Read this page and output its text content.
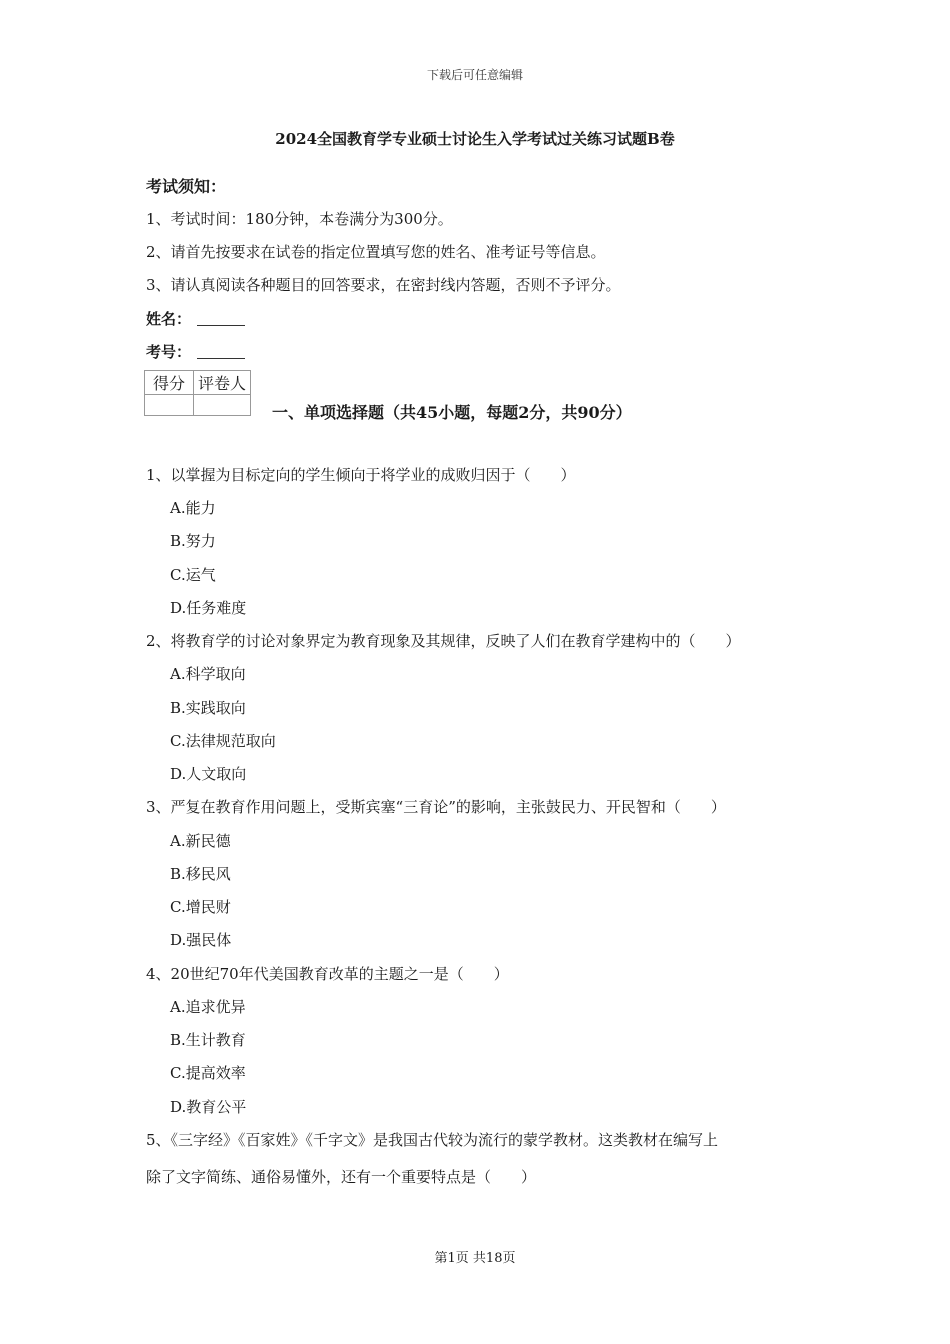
下载后可任意编辑
2024全国教育学专业硕士讨论生入学考试过关练习试题B卷
考试须知：
1、考试时间：180分钟，本卷满分为300分。
2、请首先按要求在试卷的指定位置填写您的姓名、准考证号等信息。
3、请认真阅读各种题目的回答要求，在密封线内答题，否则不予评分。
姓名：
考号：
得分	评卷人

一、单项选择题（共45小题，每题2分，共90分）
1、以掌握为目标定向的学生倾向于将学业的成败归因于（　　）
A.能力
B.努力
C.运气
D.任务难度
2、将教育学的讨论对象界定为教育现象及其规律，反映了人们在教育学建构中的（　　）
A.科学取向
B.实践取向
C.法律规范取向
D.人文取向
3、严复在教育作用问题上，受斯宾塞“三育论”的影响，主张鼓民力、开民智和（　　）
A.新民德
B.移民风
C.增民财
D.强民体
4、20世纪70年代美国教育改革的主题之一是（　　）
A.追求优异
B.生计教育
C.提高效率
D.教育公平
5、《三字经》《百家姓》《千字文》是我国古代较为流行的蒙学教材。这类教材在编写上
除了文字简练、通俗易懂外，还有一个重要特点是（　　）
第1页 共18页
